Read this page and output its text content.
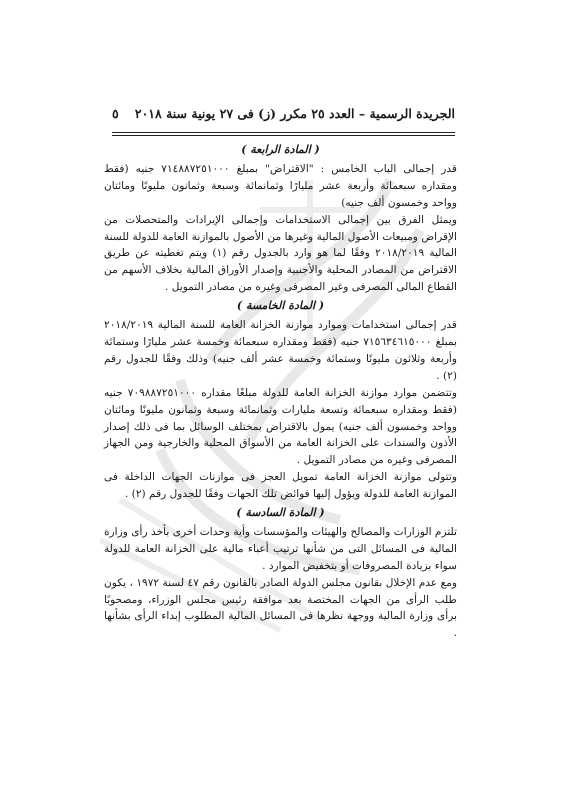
الجريدة الرسمية – العدد ٢٥ مكرر (ز) فى ٢٧ يونية سنة ٢٠١٨
٥
( المادة الرابعة )

قدر إجمالى الباب الخامس : "الاقتراض" بمبلغ ٧١٤٨٨٧٢٥١٠٠٠ جنيه (فقط ومقداره سبعمائة وأربعة عشر مليارًا وثمانمائة وسبعة وثمانون مليونًا ومائتان وواحد وخمسون ألف جنيه)

ويمثل الفرق بين إجمالى الاستخدامات وإجمالى الإيرادات والمتحصلات من الإقراض ومبيعات الأصول المالية وغيرها من الأصول بالموازنة العامة للدولة للسنة المالية ٢٠١٨/٢٠١٩ وفقًا لما هو وارد بالجدول رقم (١) ويتم تغطيته عن طريق الاقتراض من المصادر المحلية والأجنبية وإصدار الأوراق المالية بخلاف الأسهم من القطاع المالى المصرفى وغير المصرفى وغيره من مصادر التمويل .

( المادة الخامسة )

قدر إجمالى استخدامات وموارد موازنة الخزانة العامة للسنة المالية ٢٠١٨/٢٠١٩ بمبلغ ٧١٥٦٣٤٦١٥٠٠٠ جنيه (فقط ومقداره سبعمائة وخمسة عشر مليارًا وستمائة وأربعة وثلاثون مليونًا وستمائة وخمسة عشر ألف جنيه) وذلك وفقًا للجدول رقم (٢) .

وتتضمن موارد موازنة الخزانة العامة للدولة مبلغًا مقداره ٧٠٩٨٨٧٢٥١٠٠٠ جنيه (فقط ومقداره سبعمائة وتسعة مليارات وثمانمائة وسبعة وثمانون مليونًا ومائتان وواحد وخمسون ألف جنيه) يمول بالاقتراض بمختلف الوسائل بما فى ذلك إصدار الأذون والسندات على الخزانة العامة من الأسواق المحلية والخارجية ومن الجهاز المصرفى وغيره من مصادر التمويل .

وتتولى موازنة الخزانة العامة تمويل العجز فى موازنات الجهات الداخلة فى الموازنة العامة للدولة ويؤول إليها فوائض تلك الجهات وفقًا للجدول رقم (٢) .

( المادة السادسة )

تلتزم الوزارات والمصالح والهيئات والمؤسسات وأية وحدات أخرى بأخذ رأى وزارة المالية فى المسائل التى من شأنها ترتيب أعباء مالية على الخزانة العامة للدولة سواء بزيادة المصروفات أو بتخفيض الموارد .

ومع عدم الإخلال بقانون مجلس الدولة الصادر بالقانون رقم ٤٧ لسنة ١٩٧٢ ، يكون طلب الرأى من الجهات المختصة بعد موافقة رئيس مجلس الوزراء، ومصحوبًا برأى وزارة المالية ووجهة نظرها فى المسائل المالية المطلوب إبداء الرأى بشأنها .
